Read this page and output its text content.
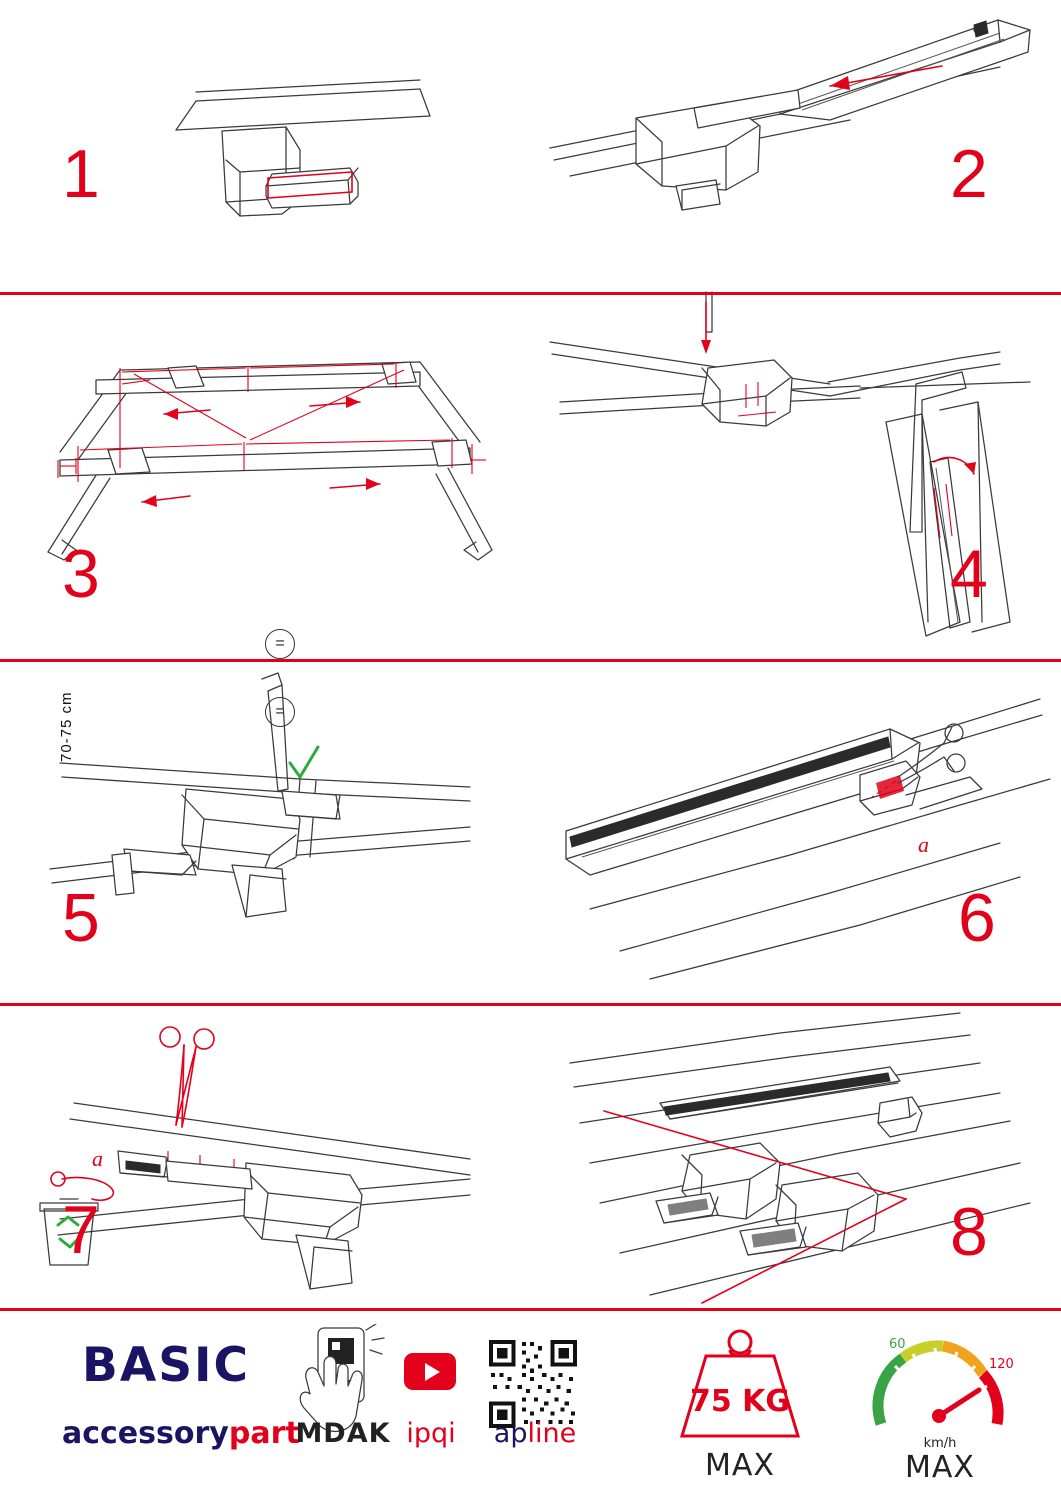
1	2
=
=
70-75 cm
3	4
5
a
6
a
7	8
BASIC
accessorypart
MDAK ipqi	apline
75 KG
MAX
60
120
km/h
MAX
